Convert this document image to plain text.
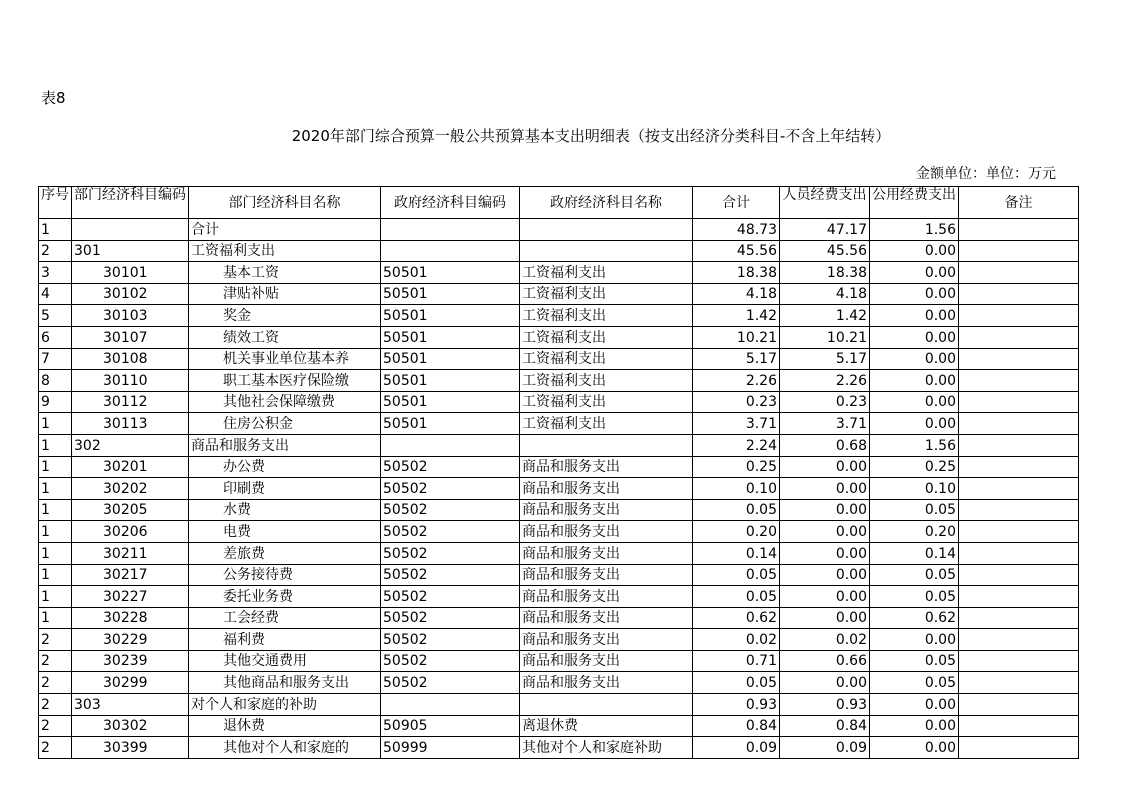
表8
2020年部门综合预算一般公共预算基本支出明细表（按支出经济分类科目-不含上年结转）
金额单位：单位：万元
序号	部门经济科目编码	部门经济科目名称	政府经济科目编码	政府经济科目名称	合计	人员经费支出	公用经费支出	备注
1		合计			48.73	47.17	1.56	
2	301	工资福利支出			45.56	45.56	0.00	
3	30101	基本工资	50501	工资福利支出	18.38	18.38	0.00	
4	30102	津贴补贴	50501	工资福利支出	4.18	4.18	0.00	
5	30103	奖金	50501	工资福利支出	1.42	1.42	0.00	
6	30107	绩效工资	50501	工资福利支出	10.21	10.21	0.00	
7	30108	机关事业单位基本养	50501	工资福利支出	5.17	5.17	0.00	
8	30110	职工基本医疗保险缴	50501	工资福利支出	2.26	2.26	0.00	
9	30112	其他社会保障缴费	50501	工资福利支出	0.23	0.23	0.00	
1	30113	住房公积金	50501	工资福利支出	3.71	3.71	0.00	
1	302	商品和服务支出			2.24	0.68	1.56	
1	30201	办公费	50502	商品和服务支出	0.25	0.00	0.25	
1	30202	印刷费	50502	商品和服务支出	0.10	0.00	0.10	
1	30205	水费	50502	商品和服务支出	0.05	0.00	0.05	
1	30206	电费	50502	商品和服务支出	0.20	0.00	0.20	
1	30211	差旅费	50502	商品和服务支出	0.14	0.00	0.14	
1	30217	公务接待费	50502	商品和服务支出	0.05	0.00	0.05	
1	30227	委托业务费	50502	商品和服务支出	0.05	0.00	0.05	
1	30228	工会经费	50502	商品和服务支出	0.62	0.00	0.62	
2	30229	福利费	50502	商品和服务支出	0.02	0.02	0.00	
2	30239	其他交通费用	50502	商品和服务支出	0.71	0.66	0.05	
2	30299	其他商品和服务支出	50502	商品和服务支出	0.05	0.00	0.05	
2	303	对个人和家庭的补助			0.93	0.93	0.00	
2	30302	退休费	50905	离退休费	0.84	0.84	0.00	
2	30399	其他对个人和家庭的	50999	其他对个人和家庭补助	0.09	0.09	0.00	
